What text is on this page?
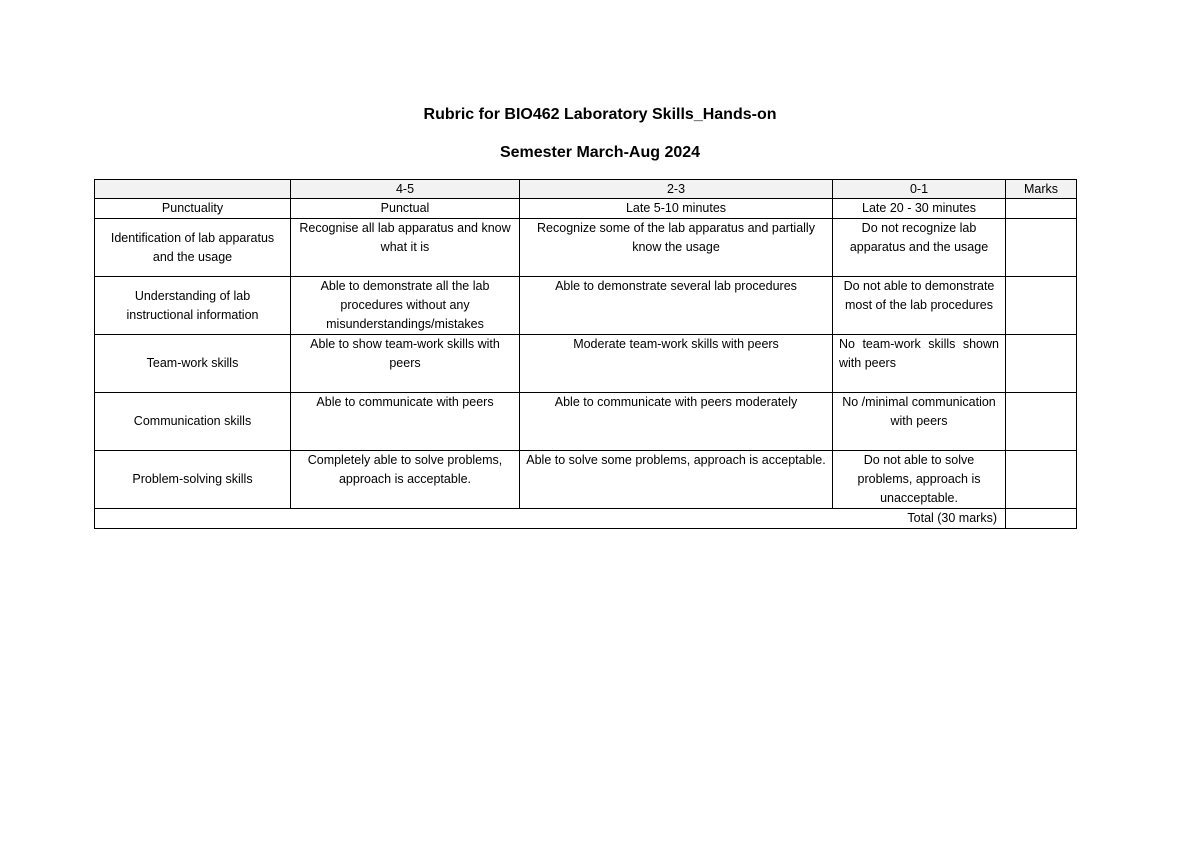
Rubric for BIO462 Laboratory Skills_Hands-on
Semester March-Aug 2024
	4-5	2-3	0-1	Marks
Punctuality	Punctual	Late 5-10 minutes	Late 20 - 30 minutes	
Identification of lab apparatus and the usage	Recognise all lab apparatus and know what it is	Recognize some of the lab apparatus and partially know the usage	Do not recognize lab apparatus and the usage	
Understanding of lab instructional information	Able to demonstrate all the lab procedures without any misunderstandings/mistakes	Able to demonstrate several lab procedures	Do not able to demonstrate most of the lab procedures	
Team-work skills	Able to show team-work skills with peers	Moderate team-work skills with peers	No team-work skills shown with peers	
Communication skills	Able to communicate with peers	Able to communicate with peers moderately	No /minimal communication with peers	
Problem-solving skills	Completely able to solve problems, approach is acceptable.	Able to solve some problems, approach is acceptable.	Do not able to solve problems, approach is unacceptable.	
Total (30 marks)				
